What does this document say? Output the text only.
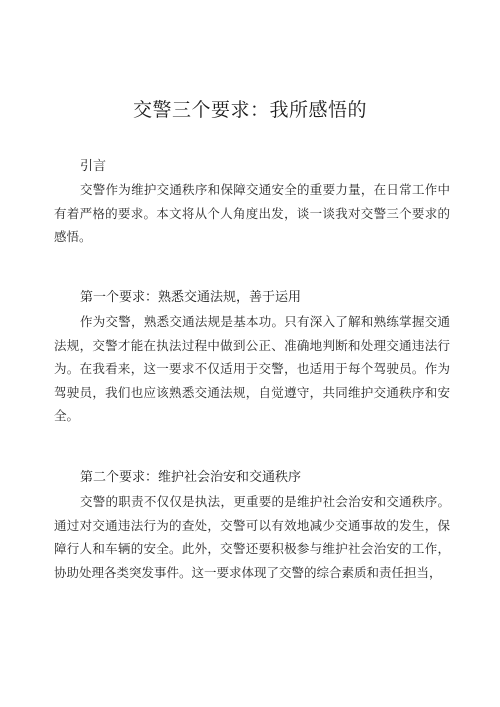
交警三个要求：我所感悟的
引言

交警作为维护交通秩序和保障交通安全的重要力量，在日常工作中有着严格的要求。本文将从个人角度出发，谈一谈我对交警三个要求的感悟。

第一个要求：熟悉交通法规，善于运用

作为交警，熟悉交通法规是基本功。只有深入了解和熟练掌握交通法规，交警才能在执法过程中做到公正、准确地判断和处理交通违法行为。在我看来，这一要求不仅适用于交警，也适用于每个驾驶员。作为驾驶员，我们也应该熟悉交通法规，自觉遵守，共同维护交通秩序和安全。

第二个要求：维护社会治安和交通秩序

交警的职责不仅仅是执法，更重要的是维护社会治安和交通秩序。通过对交通违法行为的查处，交警可以有效地减少交通事故的发生，保障行人和车辆的安全。此外，交警还要积极参与维护社会治安的工作，协助处理各类突发事件。这一要求体现了交警的综合素质和责任担当，
